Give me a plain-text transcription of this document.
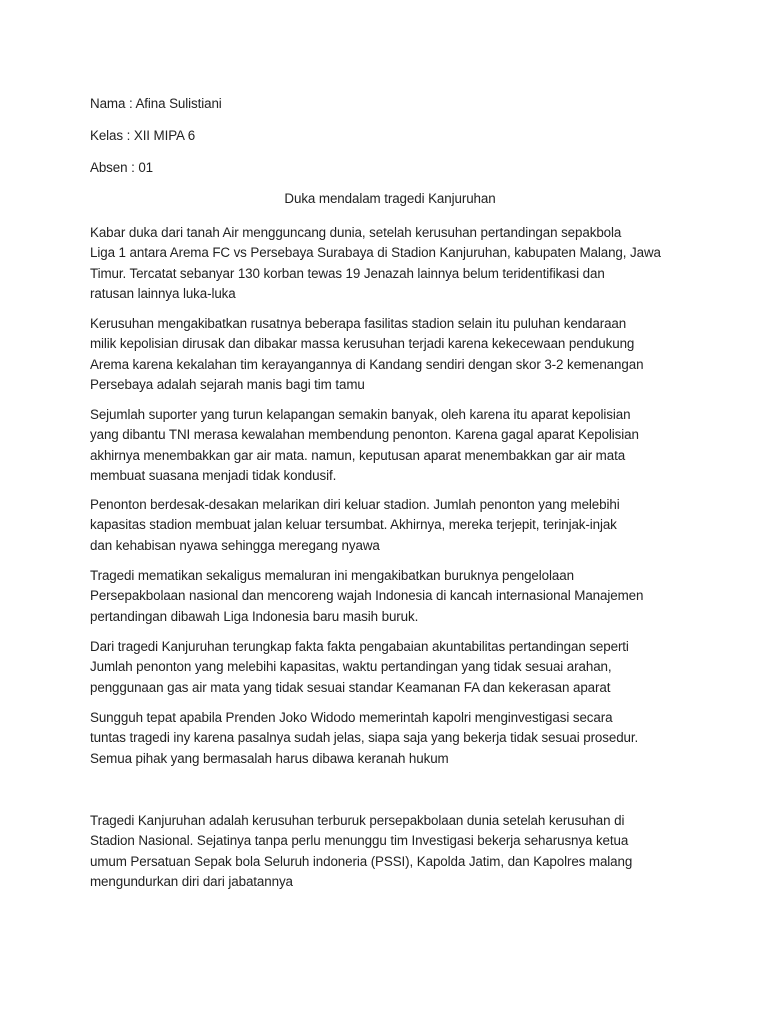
Nama : Afina Sulistiani
Kelas : XII MIPA 6
Absen : 01
Duka mendalam tragedi Kanjuruhan
Kabar duka dari tanah Air mengguncang dunia, setelah kerusuhan pertandingan sepakbola
Liga 1 antara Arema FC vs Persebaya Surabaya di Stadion Kanjuruhan, kabupaten Malang, Jawa
Timur. Tercatat sebanyar 130 korban tewas 19 Jenazah lainnya belum teridentifikasi dan
ratusan lainnya luka-luka
Kerusuhan mengakibatkan rusatnya beberapa fasilitas stadion selain itu puluhan kendaraan
milik kepolisian dirusak dan dibakar massa kerusuhan terjadi karena kekecewaan pendukung
Arema karena kekalahan tim kerayangannya di Kandang sendiri dengan skor 3-2 kemenangan
Persebaya adalah sejarah manis bagi tim tamu
Sejumlah suporter yang turun kelapangan semakin banyak, oleh karena itu aparat kepolisian
yang dibantu TNI merasa kewalahan membendung penonton. Karena gagal aparat Kepolisian
akhirnya menembakkan gar air mata. namun, keputusan aparat menembakkan gar air mata
membuat suasana menjadi tidak kondusif.
Penonton berdesak-desakan melarikan diri keluar stadion. Jumlah penonton yang melebihi
kapasitas stadion membuat jalan keluar tersumbat. Akhirnya, mereka terjepit, terinjak-injak
dan kehabisan nyawa sehingga meregang nyawa
Tragedi mematikan sekaligus memaluran ini mengakibatkan buruknya pengelolaan
Persepakbolaan nasional dan mencoreng wajah Indonesia di kancah internasional Manajemen
pertandingan dibawah Liga Indonesia baru masih buruk.
Dari tragedi Kanjuruhan terungkap fakta fakta pengabaian akuntabilitas pertandingan seperti
Jumlah penonton yang melebihi kapasitas, waktu pertandingan yang tidak sesuai arahan,
penggunaan gas air mata yang tidak sesuai standar Keamanan FA dan kekerasan aparat
Sungguh tepat apabila Prenden Joko Widodo memerintah kapolri menginvestigasi secara
tuntas tragedi iny karena pasalnya sudah jelas, siapa saja yang bekerja tidak sesuai prosedur.
Semua pihak yang bermasalah harus dibawa keranah hukum
Tragedi Kanjuruhan adalah kerusuhan terburuk persepakbolaan dunia setelah kerusuhan di
Stadion Nasional. Sejatinya tanpa perlu menunggu tim Investigasi bekerja seharusnya ketua
umum Persatuan Sepak bola Seluruh indoneria (PSSI), Kapolda Jatim, dan Kapolres malang
mengundurkan diri dari jabatannya
